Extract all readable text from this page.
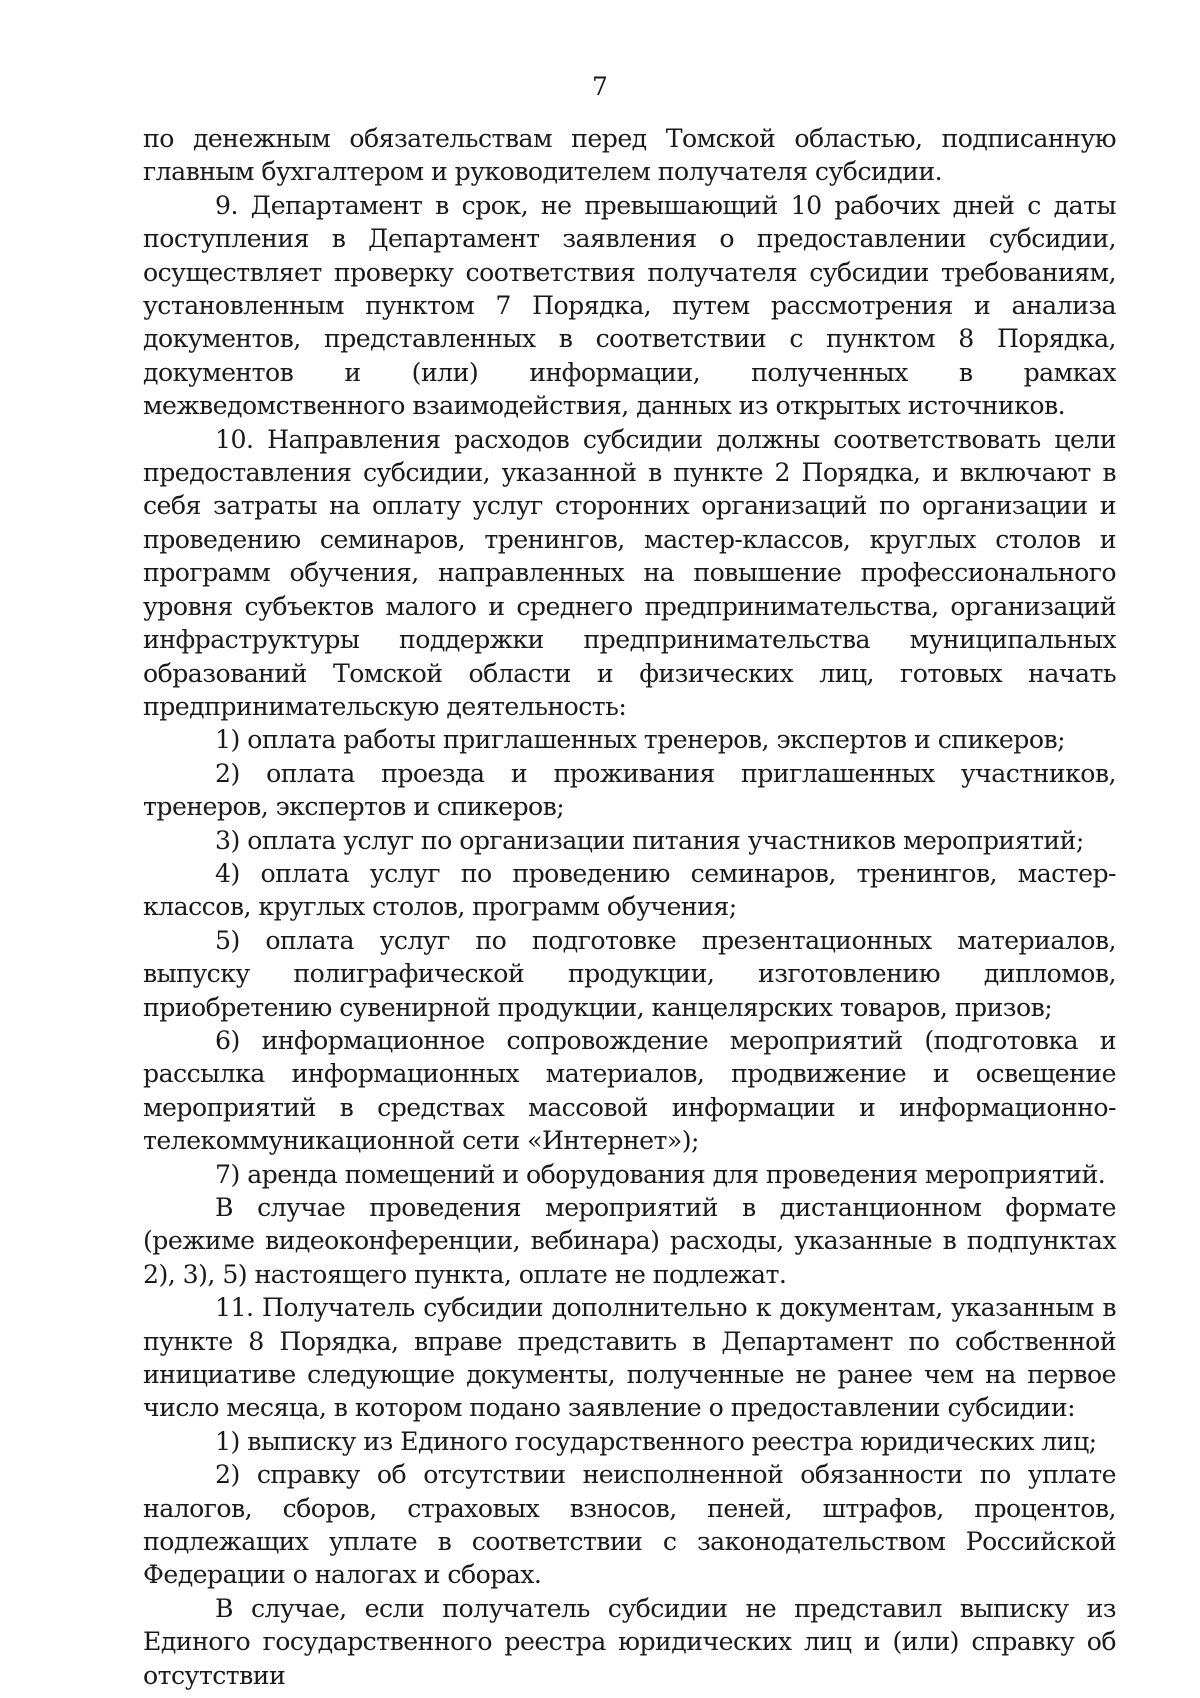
7

по денежным обязательствам перед Томской областью, подписанную главным бухгалтером и руководителем получателя субсидии.

9. Департамент в срок, не превышающий 10 рабочих дней с даты поступления в Департамент заявления о предоставлении субсидии, осуществляет проверку соответствия получателя субсидии требованиям, установленным пунктом 7 Порядка, путем рассмотрения и анализа документов, представленных в соответствии с пунктом 8 Порядка, документов и (или) информации, полученных в рамках межведомственного взаимодействия, данных из открытых источников.

10. Направления расходов субсидии должны соответствовать цели предоставления субсидии, указанной в пункте 2 Порядка, и включают в себя затраты на оплату услуг сторонних организаций по организации и проведению семинаров, тренингов, мастер-классов, круглых столов и программ обучения, направленных на повышение профессионального уровня субъектов малого и среднего предпринимательства, организаций инфраструктуры поддержки предпринимательства муниципальных образований Томской области и физических лиц, готовых начать предпринимательскую деятельность:

1) оплата работы приглашенных тренеров, экспертов и спикеров;

2) оплата проезда и проживания приглашенных участников, тренеров, экспертов и спикеров;

3) оплата услуг по организации питания участников мероприятий;

4) оплата услуг по проведению семинаров, тренингов, мастер-классов, круглых столов, программ обучения;

5) оплата услуг по подготовке презентационных материалов, выпуску полиграфической продукции, изготовлению дипломов, приобретению сувенирной продукции, канцелярских товаров, призов;

6) информационное сопровождение мероприятий (подготовка и рассылка информационных материалов, продвижение и освещение мероприятий в средствах массовой информации и информационно-телекоммуникационной сети «Интернет»);

7) аренда помещений и оборудования для проведения мероприятий.

В случае проведения мероприятий в дистанционном формате (режиме видеоконференции, вебинара) расходы, указанные в подпунктах 2), 3), 5) настоящего пункта, оплате не подлежат.

11. Получатель субсидии дополнительно к документам, указанным в пункте 8 Порядка, вправе представить в Департамент по собственной инициативе следующие документы, полученные не ранее чем на первое число месяца, в котором подано заявление о предоставлении субсидии:

1) выписку из Единого государственного реестра юридических лиц;

2) справку об отсутствии неисполненной обязанности по уплате налогов, сборов, страховых взносов, пеней, штрафов, процентов, подлежащих уплате в соответствии с законодательством Российской Федерации о налогах и сборах.

В случае, если получатель субсидии не представил выписку из Единого государственного реестра юридических лиц и (или) справку об отсутствии
